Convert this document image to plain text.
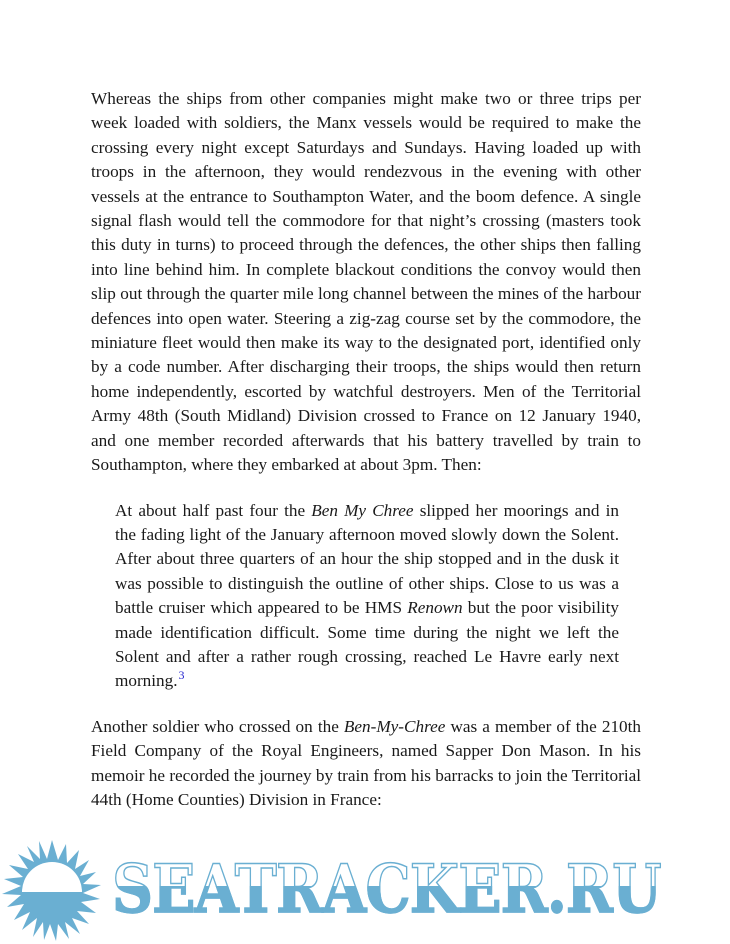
Whereas the ships from other companies might make two or three trips per week loaded with soldiers, the Manx vessels would be required to make the crossing every night except Saturdays and Sundays. Having loaded up with troops in the afternoon, they would rendezvous in the evening with other vessels at the entrance to Southampton Water, and the boom defence. A single signal flash would tell the commodore for that night’s crossing (masters took this duty in turns) to proceed through the defences, the other ships then falling into line behind him. In complete blackout conditions the convoy would then slip out through the quarter mile long channel between the mines of the harbour defences into open water. Steering a zig-zag course set by the commodore, the miniature fleet would then make its way to the designated port, identified only by a code number. After discharging their troops, the ships would then return home independently, escorted by watchful destroyers. Men of the Territorial Army 48th (South Midland) Division crossed to France on 12 January 1940, and one member recorded afterwards that his battery travelled by train to Southampton, where they embarked at about 3pm. Then:

At about half past four the Ben My Chree slipped her moorings and in the fading light of the January afternoon moved slowly down the Solent. After about three quarters of an hour the ship stopped and in the dusk it was possible to distinguish the outline of other ships. Close to us was a battle cruiser which appeared to be HMS Renown but the poor visibility made identification difficult. Some time during the night we left the Solent and after a rather rough crossing, reached Le Havre early next morning.$^3$

Another soldier who crossed on the Ben-My-Chree was a member of the 210th Field Company of the Royal Engineers, named Sapper Don Mason. In his memoir he recorded the journey by train from his barracks to join the Territorial 44th (Home Counties) Division in France:

SEATRACKER.RU
